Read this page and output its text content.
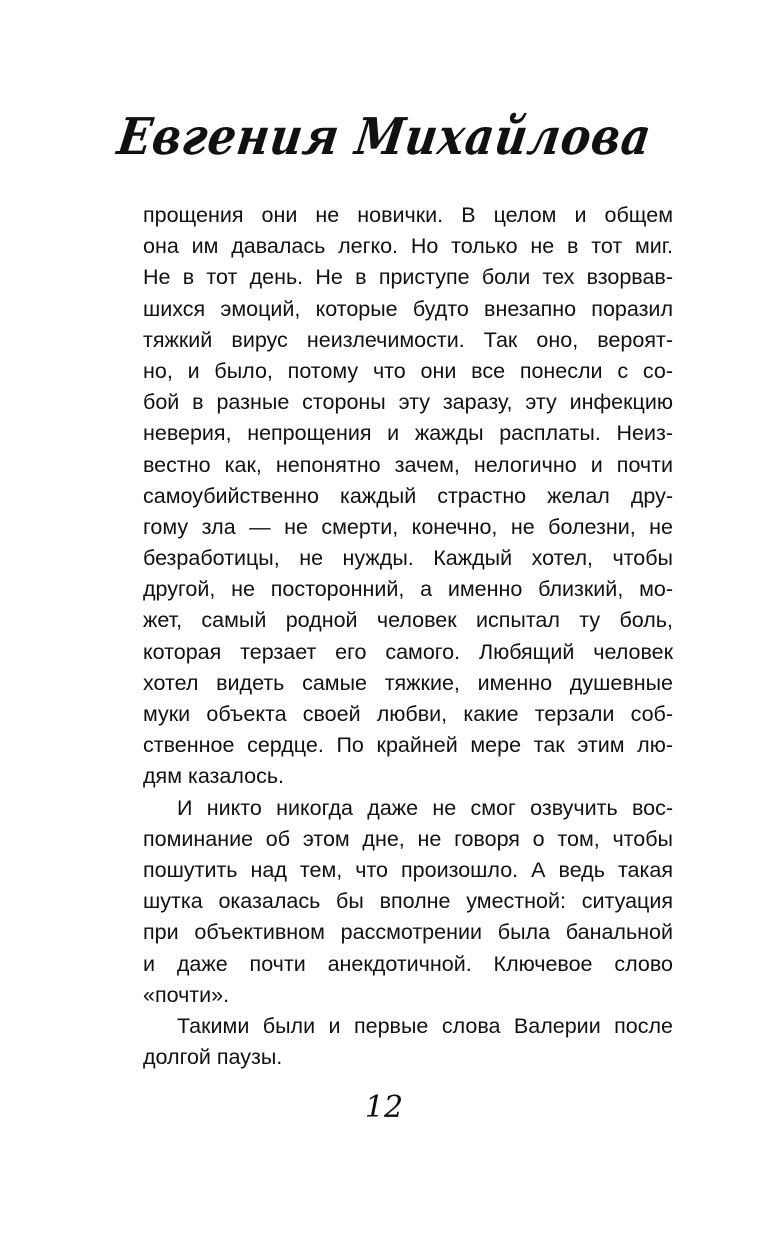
Евгения Михайлова
прощения они не новички. В целом и общем
она им давалась легко. Но только не в тот миг.
Не в тот день. Не в приступе боли тех взорвав-
шихся эмоций, которые будто внезапно поразил
тяжкий вирус неизлечимости. Так оно, вероят-
но, и было, потому что они все понесли с со-
бой в разные стороны эту заразу, эту инфекцию
неверия, непрощения и жажды расплаты. Неиз-
вестно как, непонятно зачем, нелогично и почти
самоубийственно каждый страстно желал дру-
гому зла — не смерти, конечно, не болезни, не
безработицы, не нужды. Каждый хотел, чтобы
другой, не посторонний, а именно близкий, мо-
жет, самый родной человек испытал ту боль,
которая терзает его самого. Любящий человек
хотел видеть самые тяжкие, именно душевные
муки объекта своей любви, какие терзали соб-
ственное сердце. По крайней мере так этим лю-
дям казалось.
И никто никогда даже не смог озвучить вос-
поминание об этом дне, не говоря о том, чтобы
пошутить над тем, что произошло. А ведь такая
шутка оказалась бы вполне уместной: ситуация
при объективном рассмотрении была банальной
и даже почти анекдотичной. Ключевое слово
«почти».
Такими были и первые слова Валерии после
долгой паузы.
12
